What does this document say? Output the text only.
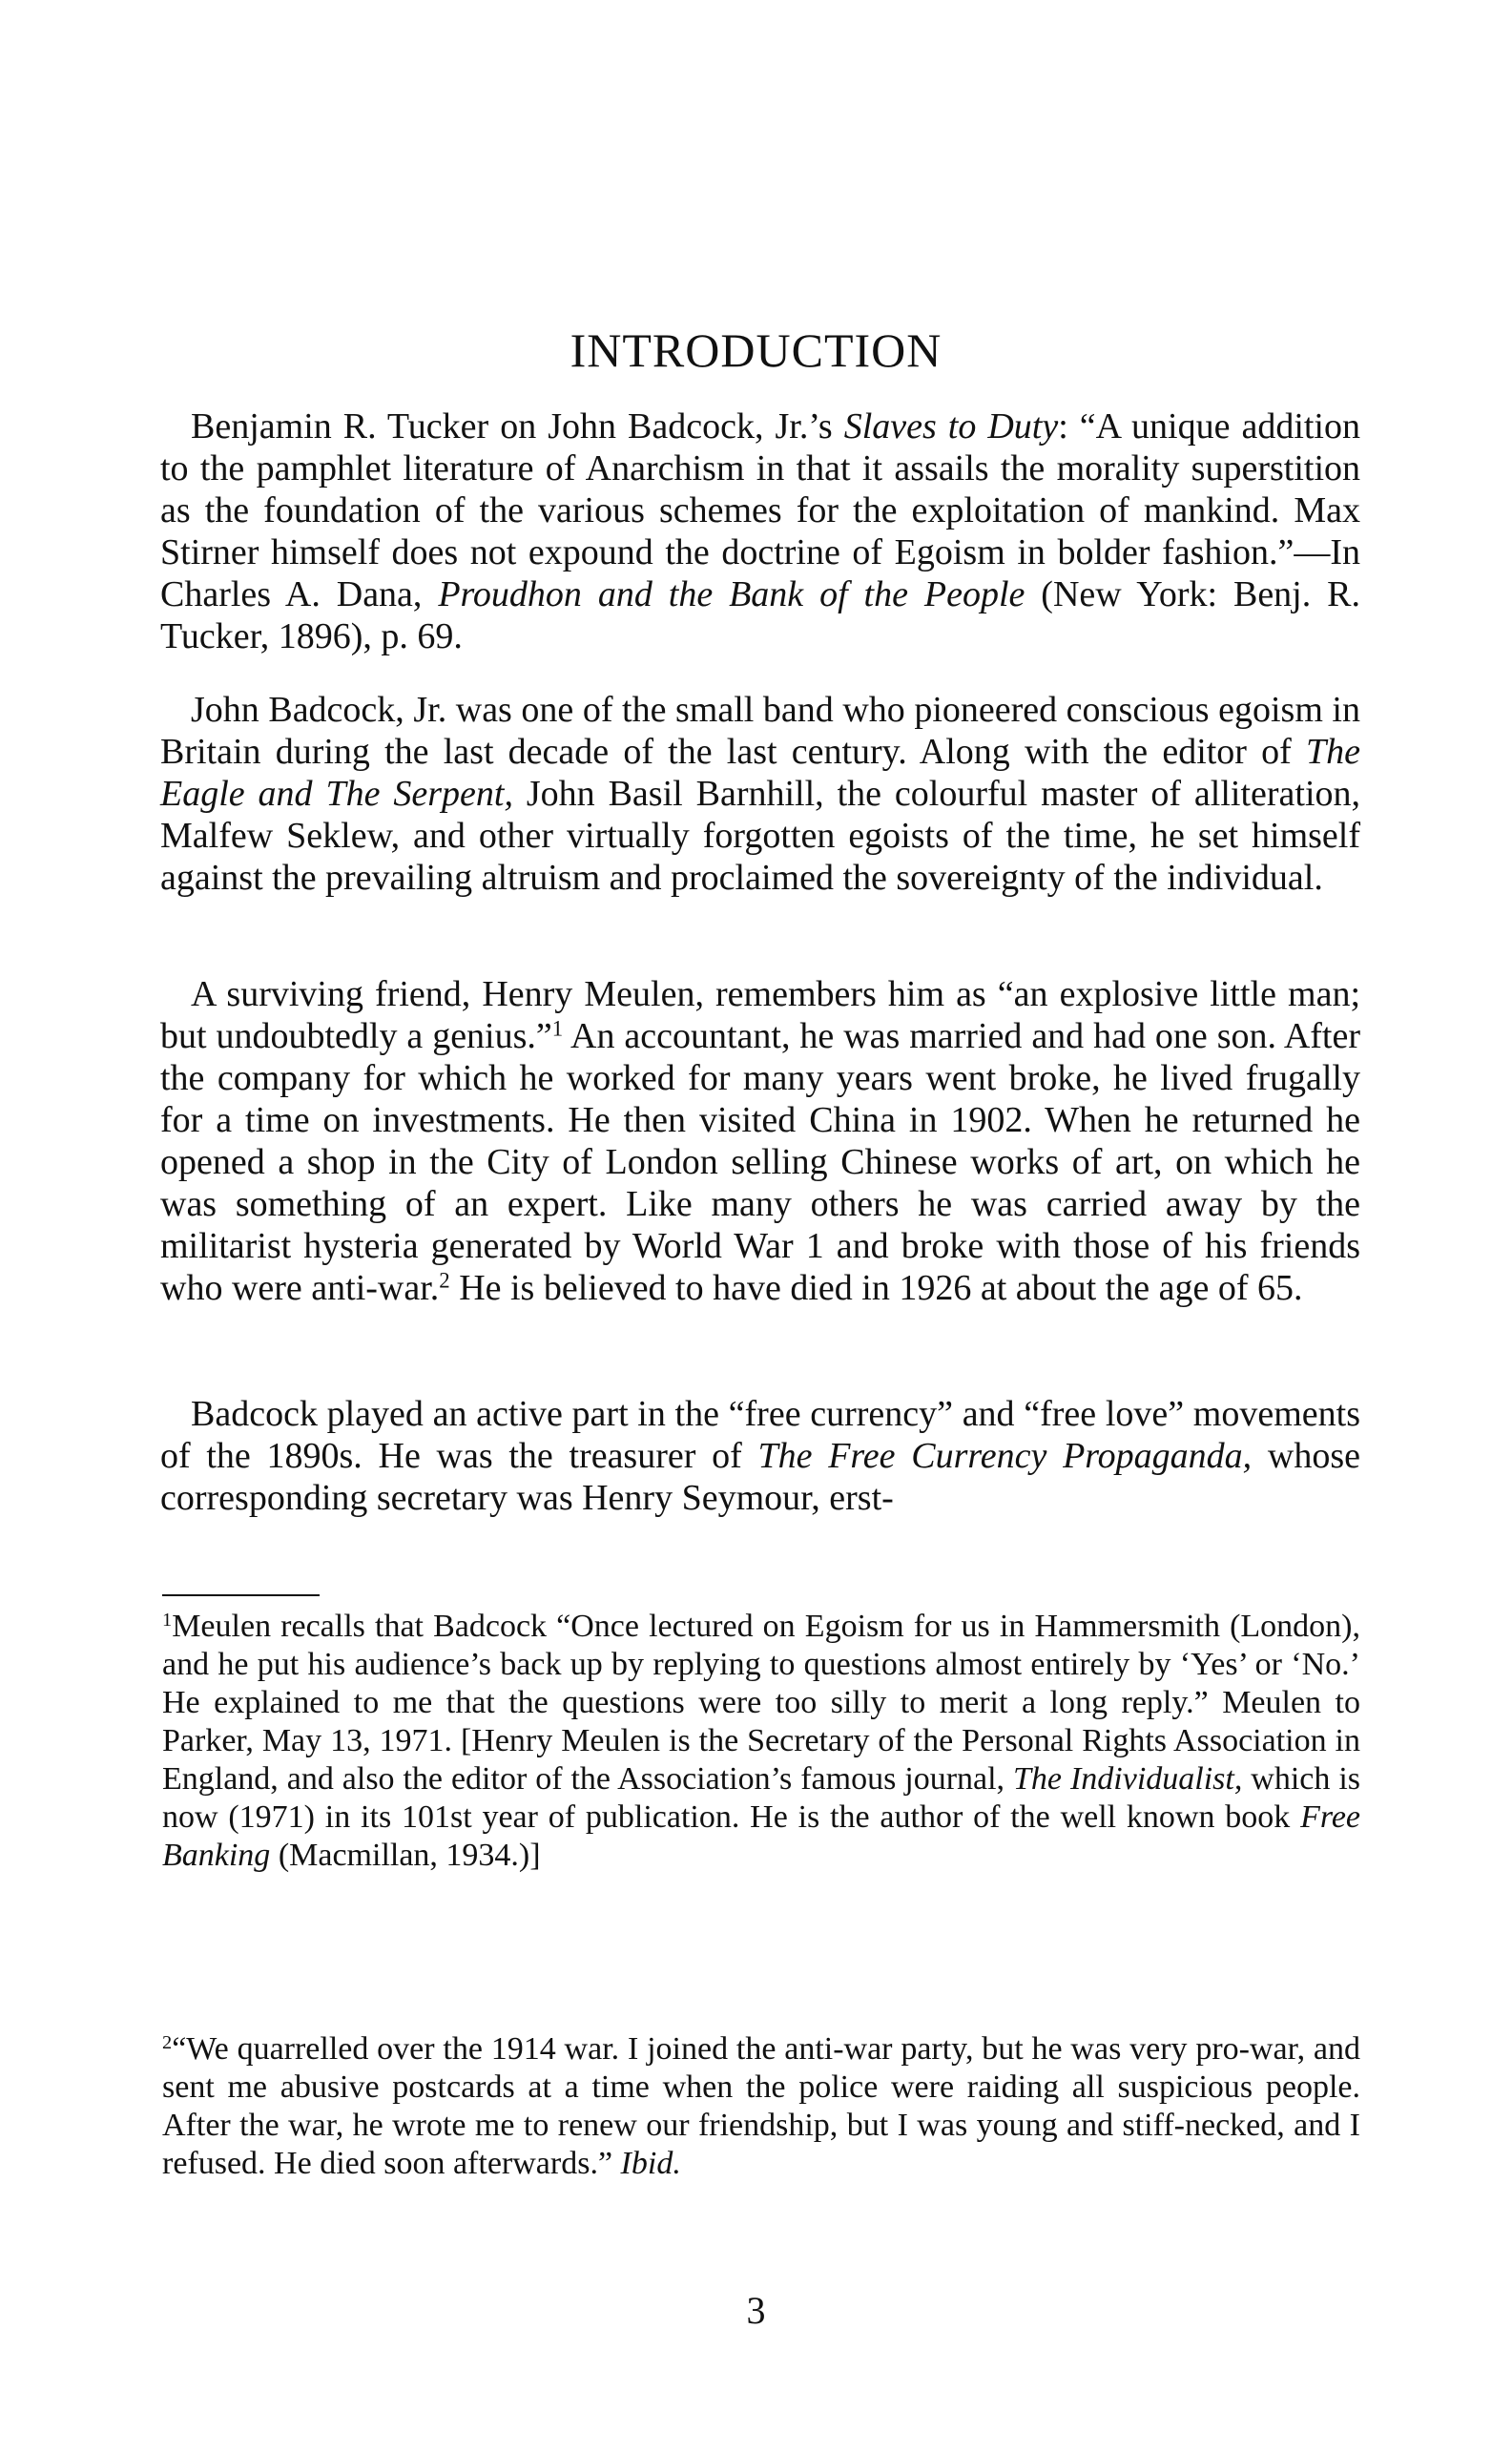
INTRODUCTION

Benjamin R. Tucker on John Badcock, Jr.’s Slaves to Duty: “A unique addition to the pamphlet literature of Anarchism in that it assails the morality superstition as the foundation of the various schemes for the exploitation of mankind. Max Stirner himself does not expound the doctrine of Egoism in bolder fashion.”—In Charles A. Dana, Proudhon and the Bank of the People (New York: Benj. R. Tucker, 1896), p. 69.

John Badcock, Jr. was one of the small band who pioneered conscious egoism in Britain during the last decade of the last century. Along with the editor of The Eagle and The Serpent, John Basil Barnhill, the colourful master of alliteration, Malfew Seklew, and other virtually forgotten egoists of the time, he set himself against the prevailing altruism and proclaimed the sovereignty of the individual.

A surviving friend, Henry Meulen, remembers him as “an explosive little man; but undoubtedly a genius.”$^1$ An accountant, he was married and had one son. After the company for which he worked for many years went broke, he lived frugally for a time on investments. He then visited China in 1902. When he returned he opened a shop in the City of London selling Chinese works of art, on which he was something of an expert. Like many others he was carried away by the militarist hysteria generated by World War 1 and broke with those of his friends who were anti-war.$^2$ He is believed to have died in 1926 at about the age of 65.

Badcock played an active part in the “free currency” and “free love” movements of the 1890s. He was the treasurer of The Free Currency Propaganda, whose corresponding secretary was Henry Seymour, erst-

$^1$Meulen recalls that Badcock “Once lectured on Egoism for us in Hammersmith (London), and he put his audience’s back up by replying to questions almost entirely by ‘Yes’ or ‘No.’ He explained to me that the questions were too silly to merit a long reply.” Meulen to Parker, May 13, 1971. [Henry Meulen is the Secretary of the Personal Rights Association in England, and also the editor of the Association’s famous journal, The Individualist, which is now (1971) in its 101st year of publication. He is the author of the well known book Free Banking (Macmillan, 1934.)]

$^2$“We quarrelled over the 1914 war. I joined the anti-war party, but he was very pro-war, and sent me abusive postcards at a time when the police were raiding all suspicious people. After the war, he wrote me to renew our friendship, but I was young and stiff-necked, and I refused. He died soon afterwards.” Ibid.

3
